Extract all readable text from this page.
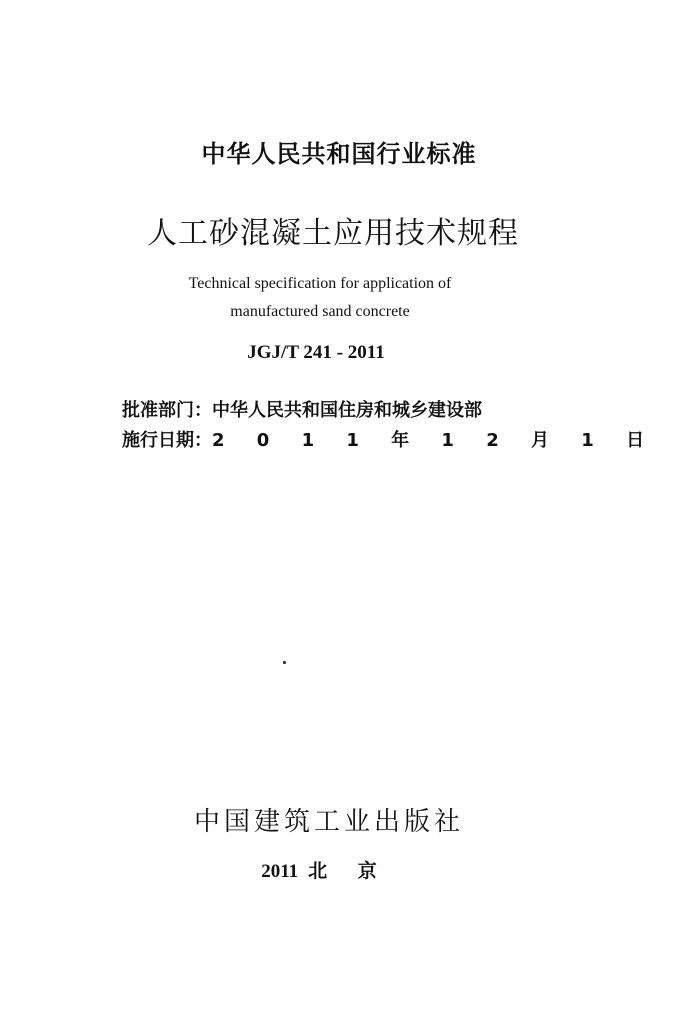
中华人民共和国行业标准
人工砂混凝土应用技术规程
Technical specification for application of
manufactured sand concrete
JGJ/T 241 - 2011
批准部门：中华人民共和国住房和城乡建设部
施行日期：2 0 1 1 年 1 2 月 1 日
中国建筑工业出版社
2011 北 京
